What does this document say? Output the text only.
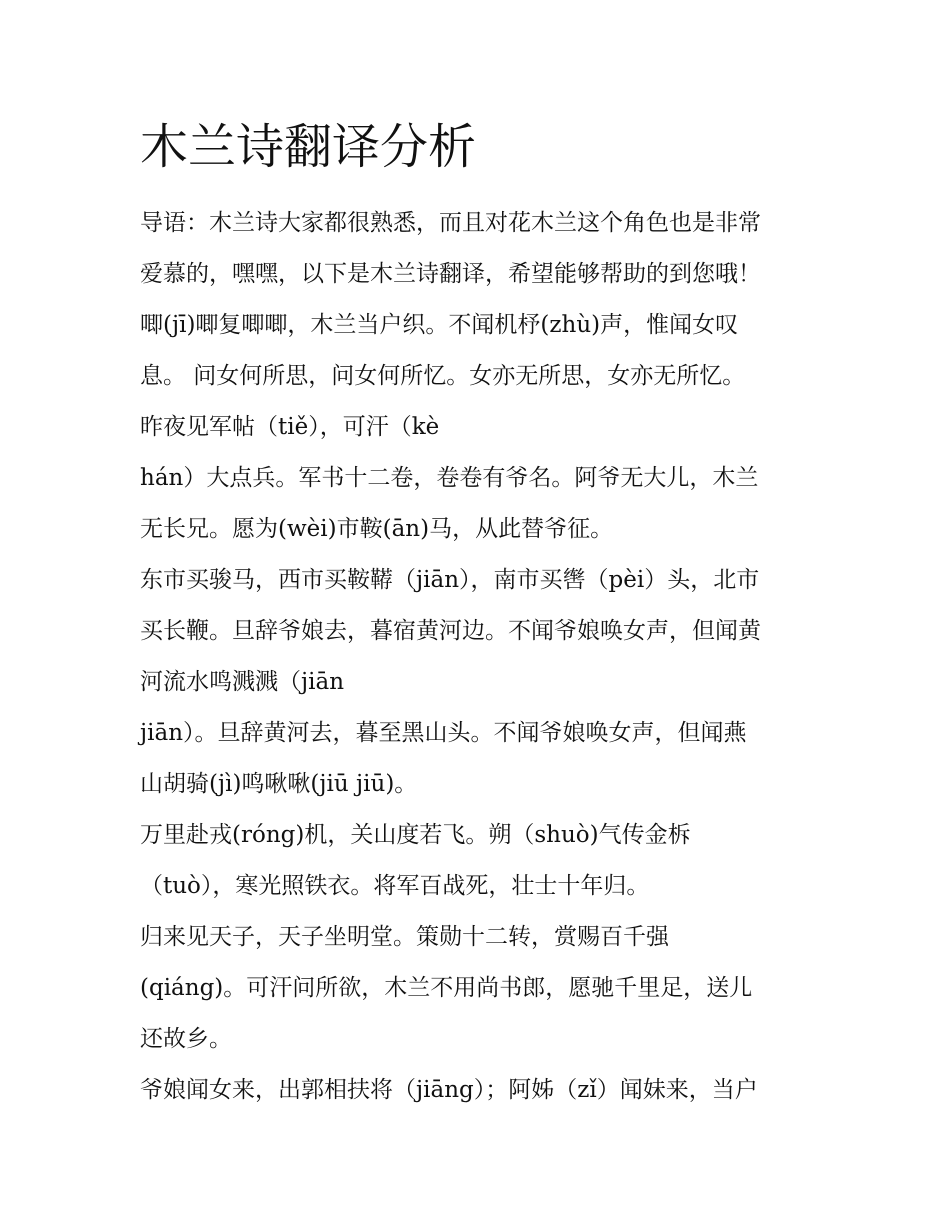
木兰诗翻译分析
导语：木兰诗大家都很熟悉，而且对花木兰这个角色也是非常
爱慕的，嘿嘿，以下是木兰诗翻译，希望能够帮助的到您哦！
唧(jī)唧复唧唧，木兰当户织。不闻机杼(zhù)声，惟闻女叹
息。 问女何所思，问女何所忆。女亦无所思，女亦无所忆。
昨夜见军帖（tiě），可汗（kè
hán）大点兵。军书十二卷，卷卷有爷名。阿爷无大儿，木兰
无长兄。愿为(wèi)市鞍(ān)马，从此替爷征。
东市买骏马，西市买鞍鞯（jiān），南市买辔（pèi）头，北市
买长鞭。旦辞爷娘去，暮宿黄河边。不闻爷娘唤女声，但闻黄
河流水鸣溅溅（jiān
jiān）。旦辞黄河去，暮至黑山头。不闻爷娘唤女声，但闻燕
山胡骑(jì)鸣啾啾(jiū jiū)。
万里赴戎(róng)机，关山度若飞。朔（shuò)气传金柝
（tuò），寒光照铁衣。将军百战死，壮士十年归。
归来见天子，天子坐明堂。策勋十二转，赏赐百千强
(qiáng)。可汗问所欲，木兰不用尚书郎，愿驰千里足，送儿
还故乡。
爷娘闻女来，出郭相扶将（jiāng）；阿姊（zǐ）闻妹来，当户
